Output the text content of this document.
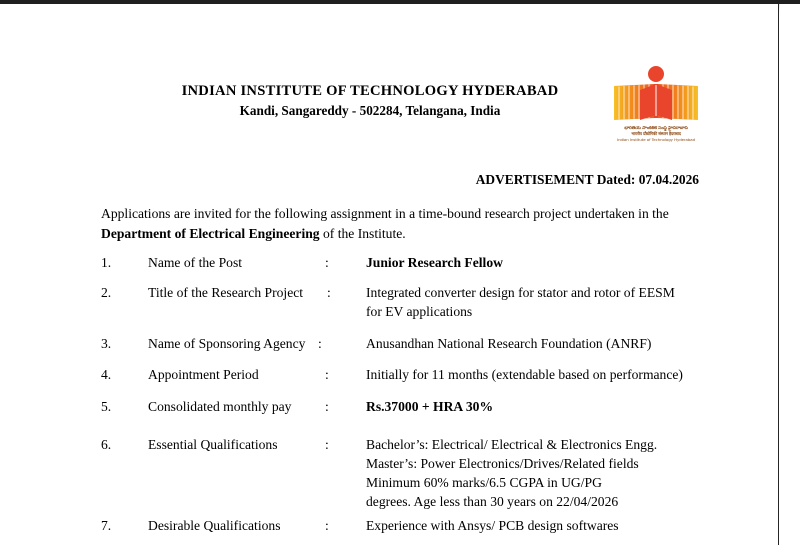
INDIAN INSTITUTE OF TECHNOLOGY HYDERABAD
Kandi, Sangareddy - 502284, Telangana, India
భారతీయ సాంకేతిక సంస్థ హైదరాబాద్
भारतीय प्रौद्योगिकी संस्थान हैदराबाद
Indian Institute of Technology Hyderabad
ADVERTISEMENT Dated: 07.04.2026
Applications are invited for the following assignment in a time-bound research project undertaken in the Department of Electrical Engineering of the Institute.
1.	Name of the Post	:	Junior Research Fellow
2.	Title of the Research Project :	Integrated converter design for stator and rotor of EESM
for EV applications
3.	Name of Sponsoring Agency :	Anusandhan National Research Foundation (ANRF)
4.	Appointment Period	:	Initially for 11 months (extendable based on performance)
5.	Consolidated monthly pay :	Rs.37000 + HRA 30%
6.	Essential Qualifications	:	Bachelor’s: Electrical/ Electrical & Electronics Engg.
Master’s: Power Electronics/Drives/Related fields
Minimum 60% marks/6.5 CGPA in UG/PG
degrees. Age less than 30 years on 22/04/2026
7.	Desirable Qualifications	:	Experience with Ansys/ PCB design softwares
